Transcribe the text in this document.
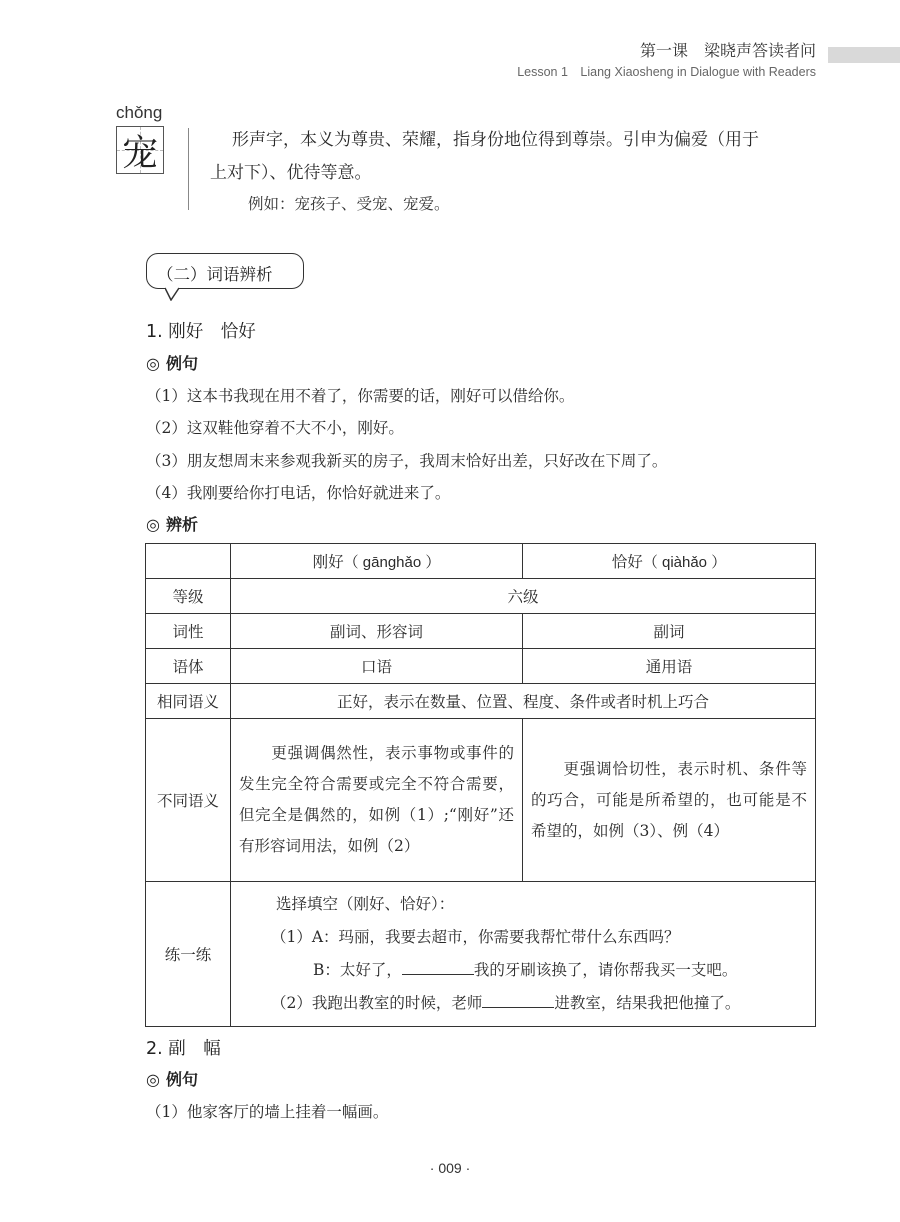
第一课　梁晓声答读者问
Lesson 1　Liang Xiaosheng in Dialogue with Readers
chǒng
宠	形声字，本义为尊贵、荣耀，指身份地位得到尊崇。引申为偏爱（用于
上对下）、优待等意。
例如：宠孩子、受宠、宠爱。
（二）词语辨析
1. 刚好　恰好
◎ 例句
（1）这本书我现在用不着了，你需要的话，刚好可以借给你。
（2）这双鞋他穿着不大不小，刚好。
（3）朋友想周末来参观我新买的房子，我周末恰好出差，只好改在下周了。
（4）我刚要给你打电话，你恰好就进来了。
◎ 辨析
	刚好（ gānghǎo ）	恰好（ qiàhǎo ）
等级	六级	
词性	副词、形容词	副词
语体	口语	通用语
相同语义	正好，表示在数量、位置、程度、条件或者时机上巧合	
不同语义	　　更强调偶然性，表示事物或事件的发生完全符合需要或完全不符合需要，但完全是偶然的，如例（1）;“刚好”还有形容词用法，如例（2）	　　更强调恰切性，表示时机、条件等的巧合，可能是所希望的，也可能是不希望的，如例（3）、例（4）
练一练	选择填空（刚好、恰好）：
（1）A：玛丽，我要去超市，你需要我帮忙带什么东西吗？
B：太好了， 我的牙刷该换了，请你帮我买一支吧。
（2）我跑出教室的时候，老师 进教室，结果我把他撞了。	
2. 副　幅
◎ 例句
（1）他家客厅的墙上挂着一幅画。
· 009 ·
